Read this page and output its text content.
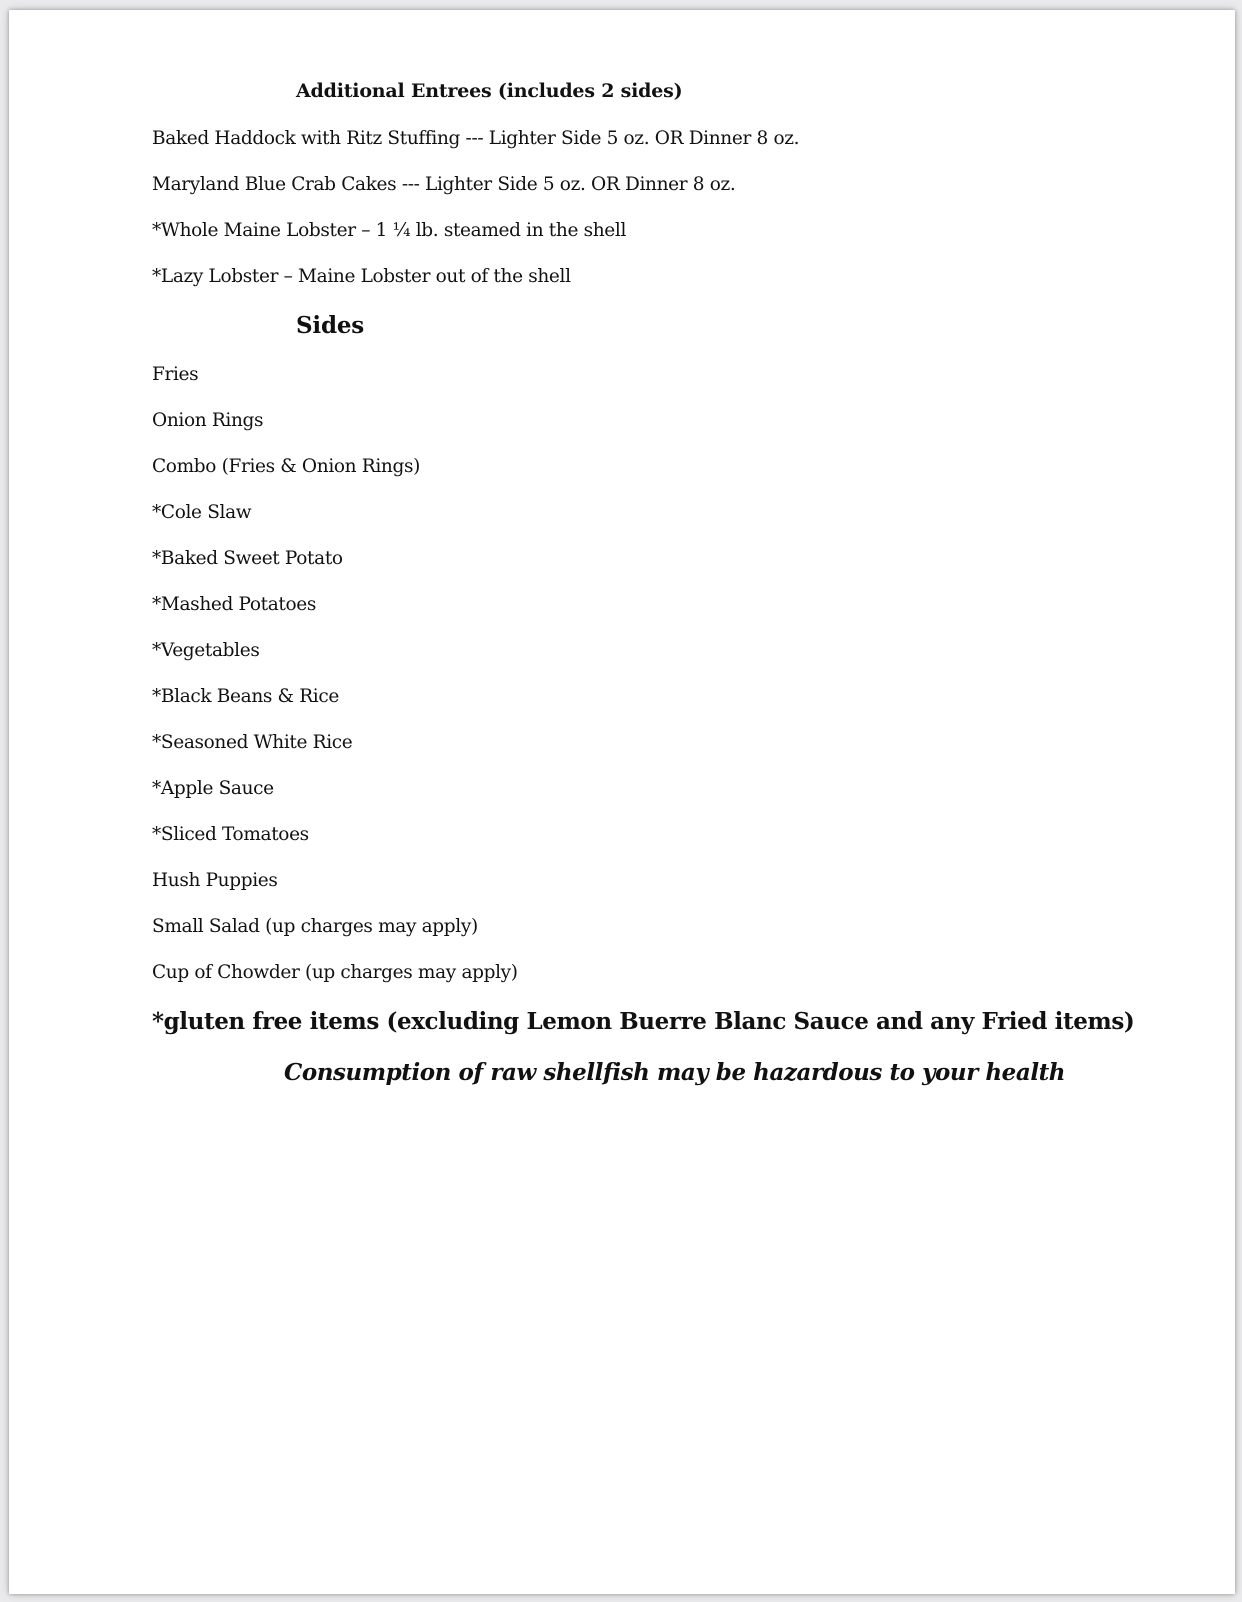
Additional Entrees (includes 2 sides)
Baked Haddock with Ritz Stuffing --- Lighter Side 5 oz. OR Dinner 8 oz.
Maryland Blue Crab Cakes --- Lighter Side 5 oz. OR Dinner 8 oz.
*Whole Maine Lobster – 1 ¼ lb. steamed in the shell
*Lazy Lobster – Maine Lobster out of the shell
Sides
Fries
Onion Rings
Combo (Fries & Onion Rings)
*Cole Slaw
*Baked Sweet Potato
*Mashed Potatoes
*Vegetables
*Black Beans & Rice
*Seasoned White Rice
*Apple Sauce
*Sliced Tomatoes
Hush Puppies
Small Salad (up charges may apply)
Cup of Chowder (up charges may apply)
*gluten free items (excluding Lemon Buerre Blanc Sauce and any Fried items)
Consumption of raw shellfish may be hazardous to your health
